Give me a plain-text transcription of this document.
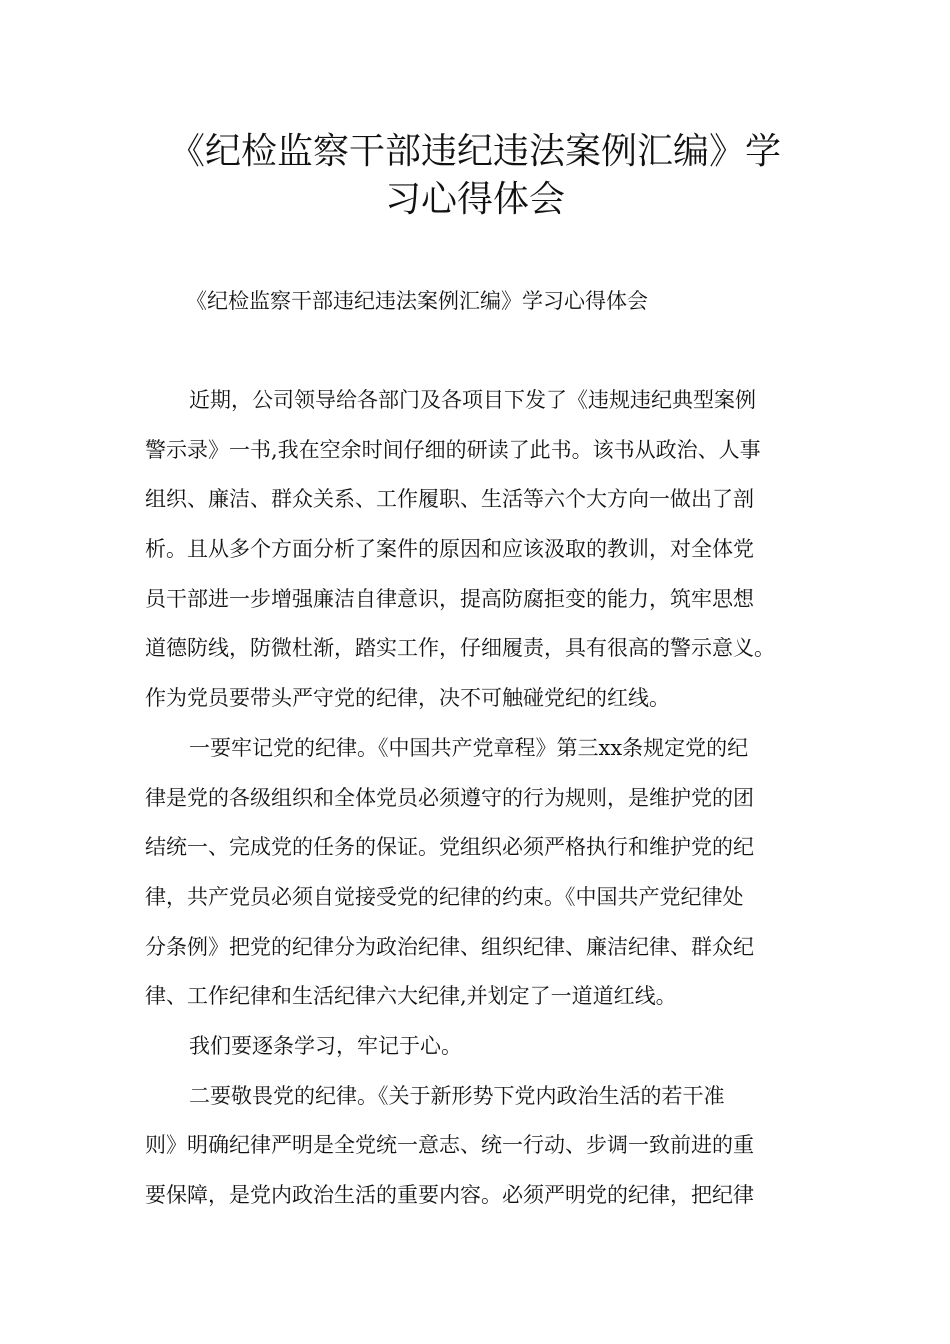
《纪检监察干部违纪违法案例汇编》学
习心得体会

《纪检监察干部违纪违法案例汇编》学习心得体会

近期，公司领导给各部门及各项目下发了《违规违纪典型案例
警示录》一书,我在空余时间仔细的研读了此书。该书从政治、人事
组织、廉洁、群众关系、工作履职、生活等六个大方向一做出了剖
析。且从多个方面分析了案件的原因和应该汲取的教训，对全体党
员干部进一步增强廉洁自律意识，提高防腐拒变的能力，筑牢思想
道德防线，防微杜渐，踏实工作，仔细履责，具有很高的警示意义。
作为党员要带头严守党的纪律，决不可触碰党纪的红线。
一要牢记党的纪律。《中国共产党章程》第三xx条规定党的纪
律是党的各级组织和全体党员必须遵守的行为规则，是维护党的团
结统一、完成党的任务的保证。党组织必须严格执行和维护党的纪
律，共产党员必须自觉接受党的纪律的约束。《中国共产党纪律处
分条例》把党的纪律分为政治纪律、组织纪律、廉洁纪律、群众纪
律、工作纪律和生活纪律六大纪律,并划定了一道道红线。
我们要逐条学习，牢记于心。
二要敬畏党的纪律。《关于新形势下党内政治生活的若干准
则》明确纪律严明是全党统一意志、统一行动、步调一致前进的重
要保障，是党内政治生活的重要内容。必须严明党的纪律，把纪律
